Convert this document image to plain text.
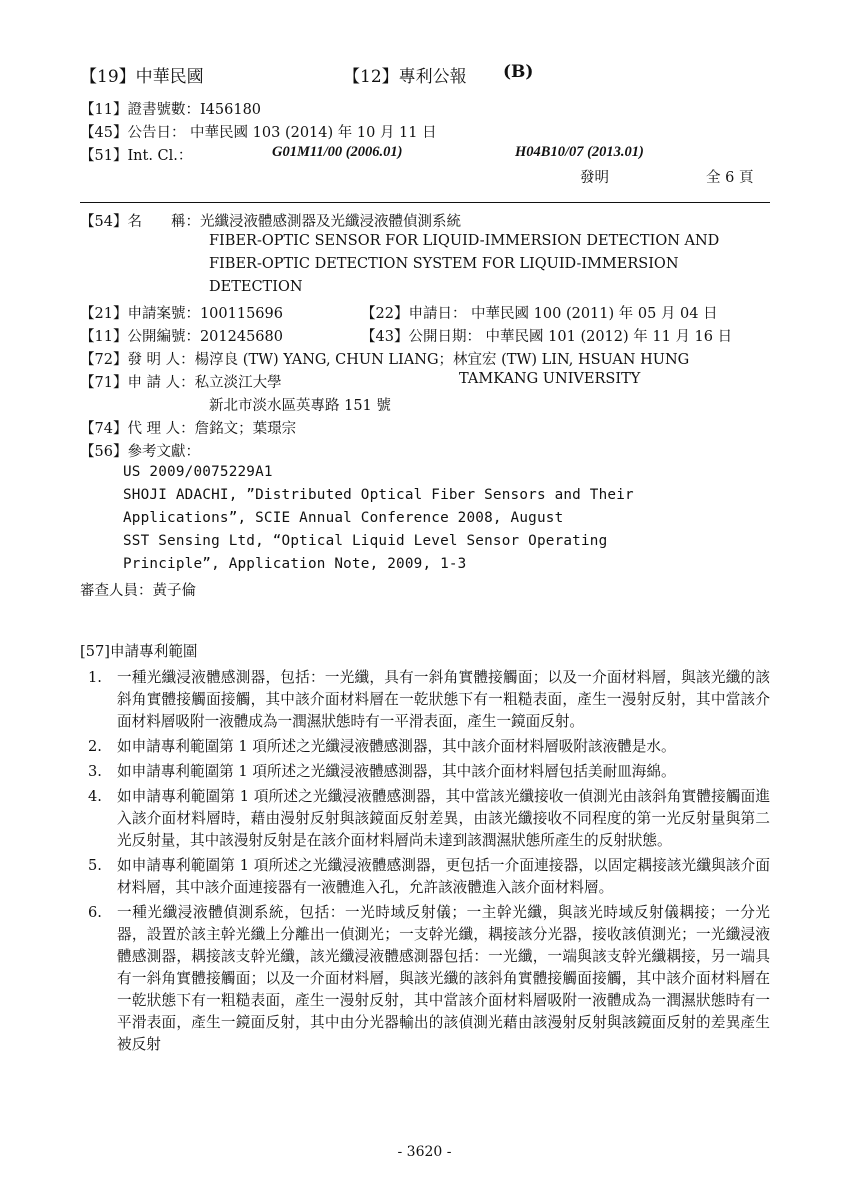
【19】中華民國	【12】專利公報 (B)
【11】證書號數：I456180
【45】公告日： 中華民國 103 (2014) 年 10 月 11 日
【51】Int. Cl.：	G01M11/00 (2006.01)	H04B10/07 (2013.01)
發明	全 6 頁
【54】名　　稱：光纖浸液體感測器及光纖浸液體偵測系統
FIBER-OPTIC SENSOR FOR LIQUID-IMMERSION DETECTION AND
FIBER-OPTIC DETECTION SYSTEM FOR LIQUID-IMMERSION
DETECTION
【21】申請案號：100115696	【22】申請日： 中華民國 100 (2011) 年 05 月 04 日
【11】公開編號：201245680	【43】公開日期： 中華民國 101 (2012) 年 11 月 16 日
【72】發 明 人：楊淳良 (TW) YANG, CHUN LIANG；林宜宏 (TW) LIN, HSUAN HUNG
【71】申 請 人：私立淡江大學	TAMKANG UNIVERSITY
新北市淡水區英專路 151 號
【74】代 理 人：詹銘文；葉璟宗
【56】參考文獻：
US 2009/0075229A1
SHOJI ADACHI, ”Distributed Optical Fiber Sensors and Their
Applications”, SCIE Annual Conference 2008, August
SST Sensing Ltd, “Optical Liquid Level Sensor Operating
Principle”, Application Note, 2009, 1-3
審查人員：黃子倫
[57]申請專利範圍
1. 一種光纖浸液體感測器，包括：一光纖，具有一斜角實體接觸面；以及一介面材料層，與該光纖的該斜角實體接觸面接觸，其中該介面材料層在一乾狀態下有一粗糙表面，產生一漫射反射，其中當該介面材料層吸附一液體成為一潤濕狀態時有一平滑表面，產生一鏡面反射。
2. 如申請專利範圍第 1 項所述之光纖浸液體感測器，其中該介面材料層吸附該液體是水。
3. 如申請專利範圍第 1 項所述之光纖浸液體感測器，其中該介面材料層包括美耐皿海綿。
4. 如申請專利範圍第 1 項所述之光纖浸液體感測器，其中當該光纖接收一偵測光由該斜角實體接觸面進入該介面材料層時，藉由漫射反射與該鏡面反射差異，由該光纖接收不同程度的第一光反射量與第二光反射量，其中該漫射反射是在該介面材料層尚未達到該潤濕狀態所產生的反射狀態。
5. 如申請專利範圍第 1 項所述之光纖浸液體感測器，更包括一介面連接器，以固定耦接該光纖與該介面材料層，其中該介面連接器有一液體進入孔，允許該液體進入該介面材料層。
6. 一種光纖浸液體偵測系統，包括：一光時域反射儀；一主幹光纖，與該光時域反射儀耦接；一分光器，設置於該主幹光纖上分離出一偵測光；一支幹光纖，耦接該分光器，接收該偵測光；一光纖浸液體感測器，耦接該支幹光纖，該光纖浸液體感測器包括：一光纖，一端與該支幹光纖耦接，另一端具有一斜角實體接觸面；以及一介面材料層，與該光纖的該斜角實體接觸面接觸，其中該介面材料層在一乾狀態下有一粗糙表面，產生一漫射反射，其中當該介面材料層吸附一液體成為一潤濕狀態時有一平滑表面，產生一鏡面反射，其中由分光器輸出的該偵測光藉由該漫射反射與該鏡面反射的差異產生被反射
- 3620 -
